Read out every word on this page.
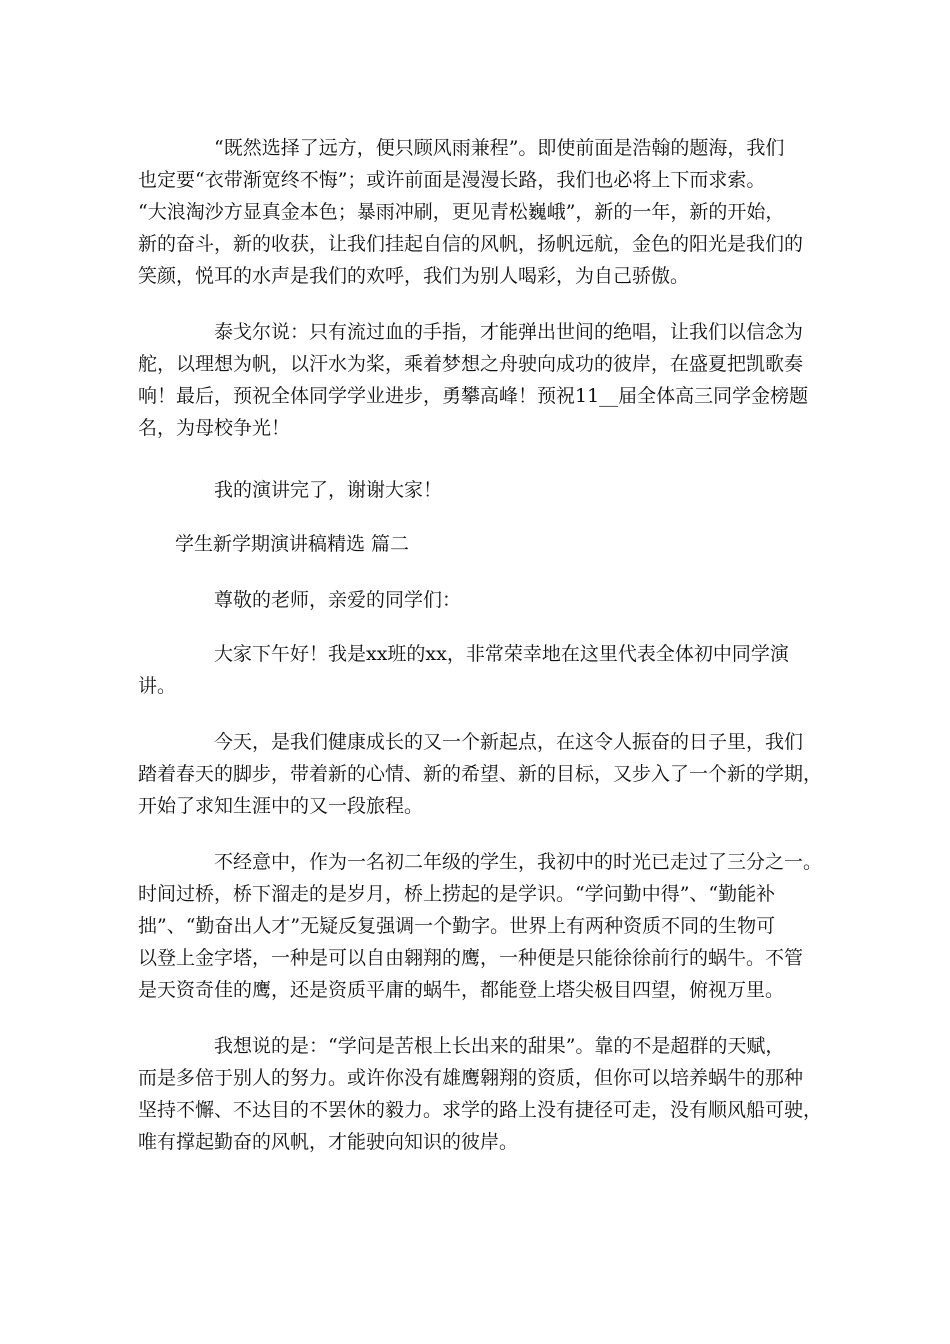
“既然选择了远方，便只顾风雨兼程”。即使前面是浩翰的题海，我们
也定要“衣带渐宽终不悔”；或许前面是漫漫长路，我们也必将上下而求索。
“大浪淘沙方显真金本色；暴雨冲刷，更见青松巍峨”，新的一年，新的开始，
新的奋斗，新的收获，让我们挂起自信的风帆，扬帆远航，金色的阳光是我们的
笑颜，悦耳的水声是我们的欢呼，我们为别人喝彩，为自己骄傲。
泰戈尔说：只有流过血的手指，才能弹出世间的绝唱，让我们以信念为
舵，以理想为帆，以汗水为桨，乘着梦想之舟驶向成功的彼岸，在盛夏把凯歌奏
响！最后，预祝全体同学学业进步，勇攀高峰！预祝11__届全体高三同学金榜题
名，为母校争光！
我的演讲完了，谢谢大家！
学生新学期演讲稿精选 篇二
尊敬的老师，亲爱的同学们：
大家下午好！我是xx班的xx，非常荣幸地在这里代表全体初中同学演
讲。
今天，是我们健康成长的又一个新起点，在这令人振奋的日子里，我们
踏着春天的脚步，带着新的心情、新的希望、新的目标，又步入了一个新的学期，
开始了求知生涯中的又一段旅程。
不经意中，作为一名初二年级的学生，我初中的时光已走过了三分之一。
时间过桥，桥下溜走的是岁月，桥上捞起的是学识。“学问勤中得”、“勤能补
拙”、“勤奋出人才”无疑反复强调一个勤字。世界上有两种资质不同的生物可
以登上金字塔，一种是可以自由翱翔的鹰，一种便是只能徐徐前行的蜗牛。不管
是天资奇佳的鹰，还是资质平庸的蜗牛，都能登上塔尖极目四望，俯视万里。
我想说的是：“学问是苦根上长出来的甜果”。靠的不是超群的天赋，
而是多倍于别人的努力。或许你没有雄鹰翱翔的资质，但你可以培养蜗牛的那种
坚持不懈、不达目的不罢休的毅力。求学的路上没有捷径可走，没有顺风船可驶，
唯有撑起勤奋的风帆，才能驶向知识的彼岸。
